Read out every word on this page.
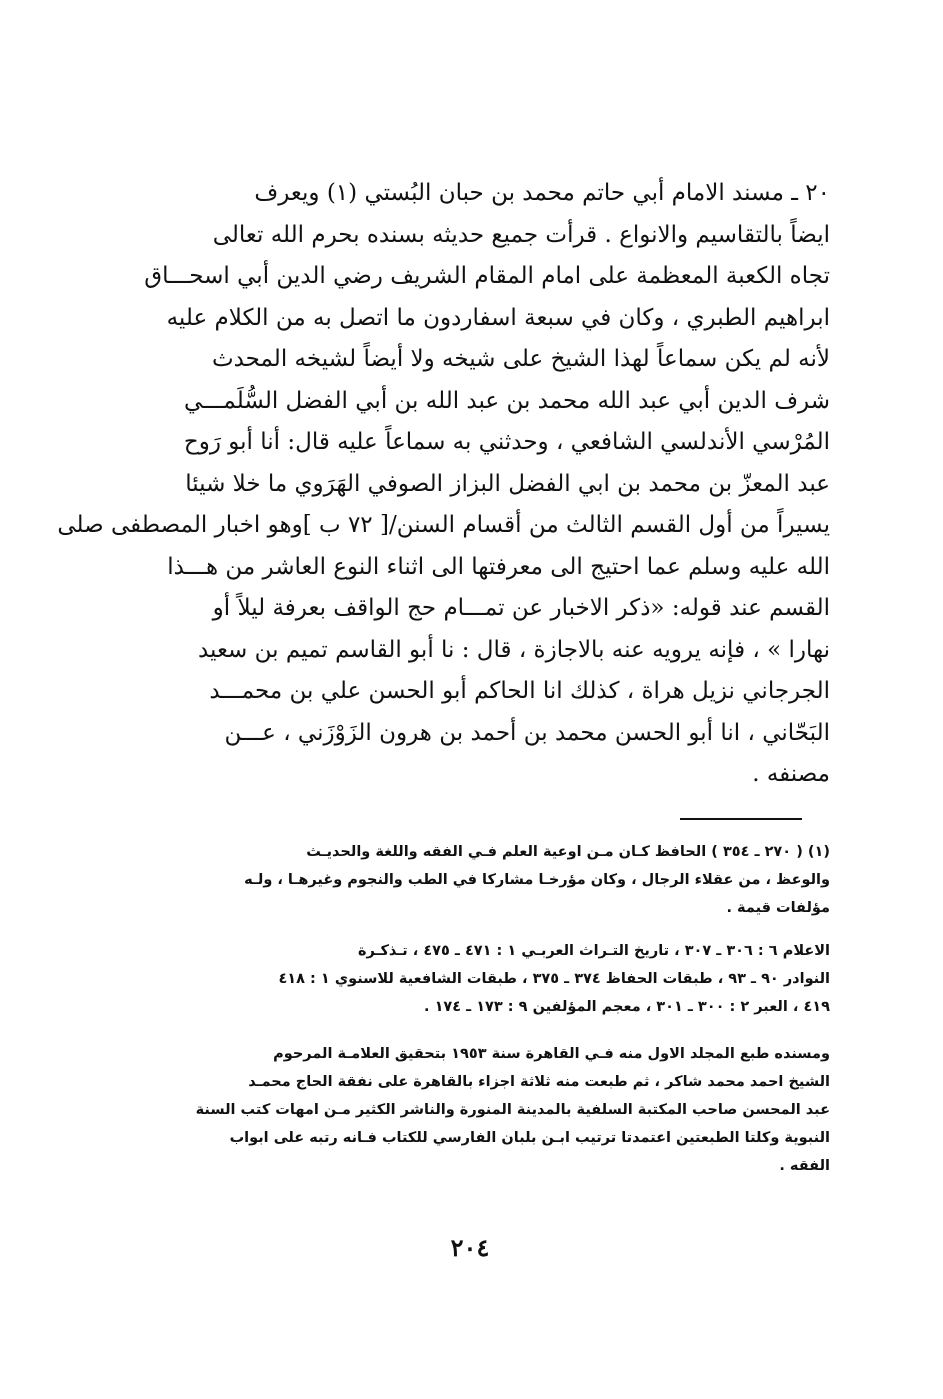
٢٠ ـ مسند الامام أبي حاتم محمد بن حبان البُستي (١) ويعرف
ايضاً بالتقاسيم والانواع . قرأت جميع حديثه بسنده بحرم الله تعالى
تجاه الكعبة المعظمة على امام المقام الشريف رضي الدين أبي اسحـــاق
ابراهيم الطبري ، وكان في سبعة اسفاردون ما اتصل به من الكلام عليه
لأنه لم يكن سماعاً لهذا الشيخ على شيخه ولا أيضاً لشيخه المحدث
شرف الدين أبي عبد الله محمد بن عبد الله بن أبي الفضل السُّلَمـــي
المُرْسي الأندلسي الشافعي ، وحدثني به سماعاً عليه قال: أنا أبو رَوح
عبد المعزّ بن محمد بن ابي الفضل البزاز الصوفي الهَرَوي ما خلا شيئا
يسيراً من أول القسم الثالث من أقسام السنن/[ ٧٢ ب ]وهو اخبار المصطفى صلى
الله عليه وسلم عما احتيج الى معرفتها الى اثناء النوع العاشر من هـــذا
القسم عند قوله: «ذكر الاخبار عن تمـــام حج الواقف بعرفة ليلاً أو
نهارا » ، فإنه يرويه عنه بالاجازة ، قال : نا أبو القاسم تميم بن سعيد
الجرجاني نزيل هراة ، كذلك انا الحاكم أبو الحسن علي بن محمـــد
البَحّاني ، انا أبو الحسن محمد بن أحمد بن هرون الزَوْزَني ، عـــن
مصنفه .
(١) ( ٢٧٠ ـ ٣٥٤ ) الحافظ كـان مـن اوعية العلم فـي الفقه واللغة والحديـث
والوعظ ، من عقلاء الرجال ، وكان مؤرخـا مشاركا في الطب والنجوم وغيرهـا ، ولـه
مؤلفات قيمة .
الاعلام ٦ : ٣٠٦ ـ ٣٠٧ ، تاريخ التـراث العربـي ١ : ٤٧١ ـ ٤٧٥ ، تـذكـرة
النوادر ٩٠ ـ ٩٣ ، طبقات الحفاظ ٣٧٤ ـ ٣٧٥ ، طبقات الشافعية للاسنوي ١ : ٤١٨
٤١٩ ، العبر ٢ : ٣٠٠ ـ ٣٠١ ، معجم المؤلفين ٩ : ١٧٣ ـ ١٧٤ .
ومسنده طبع المجلد الاول منه فـي القاهرة سنة ١٩٥٣ بتحقيق العلامـة المرحوم
الشيخ احمد محمد شاكر ، ثم طبعت منه ثلاثة اجزاء بالقاهرة على نفقة الحاج محمـد
عبد المحسن صاحب المكتبة السلفية بالمدينة المنورة والناشر الكثير مـن امهات كتب السنة
النبوية وكلتا الطبعتين اعتمدتا ترتيب ابـن بلبان الفارسي للكتاب فـانه رتبه على ابواب
الفقه .
٢٠٤
